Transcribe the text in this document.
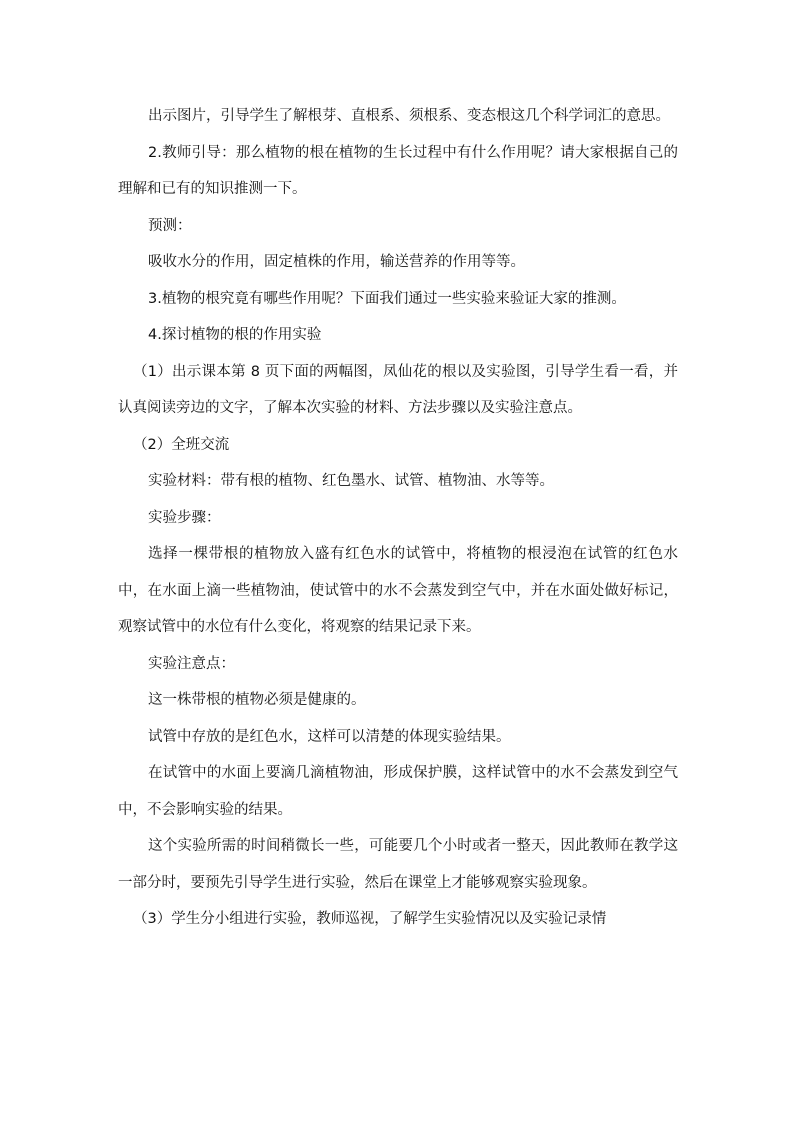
出示图片，引导学生了解根芽、直根系、须根系、变态根这几个科学词汇的意思。

2.教师引导：那么植物的根在植物的生长过程中有什么作用呢？请大家根据自己的理解和已有的知识推测一下。

预测：

吸收水分的作用，固定植株的作用，输送营养的作用等等。

3.植物的根究竟有哪些作用呢？下面我们通过一些实验来验证大家的推测。

4.探讨植物的根的作用实验

（1）出示课本第 8 页下面的两幅图，凤仙花的根以及实验图，引导学生看一看，并认真阅读旁边的文字，了解本次实验的材料、方法步骤以及实验注意点。

（2）全班交流

实验材料：带有根的植物、红色墨水、试管、植物油、水等等。

实验步骤：

选择一棵带根的植物放入盛有红色水的试管中，将植物的根浸泡在试管的红色水中，在水面上滴一些植物油，使试管中的水不会蒸发到空气中，并在水面处做好标记，观察试管中的水位有什么变化，将观察的结果记录下来。

实验注意点：

这一株带根的植物必须是健康的。

试管中存放的是红色水，这样可以清楚的体现实验结果。

在试管中的水面上要滴几滴植物油，形成保护膜，这样试管中的水不会蒸发到空气中，不会影响实验的结果。

这个实验所需的时间稍微长一些，可能要几个小时或者一整天，因此教师在教学这一部分时，要预先引导学生进行实验，然后在课堂上才能够观察实验现象。

（3）学生分小组进行实验，教师巡视，了解学生实验情况以及实验记录情
